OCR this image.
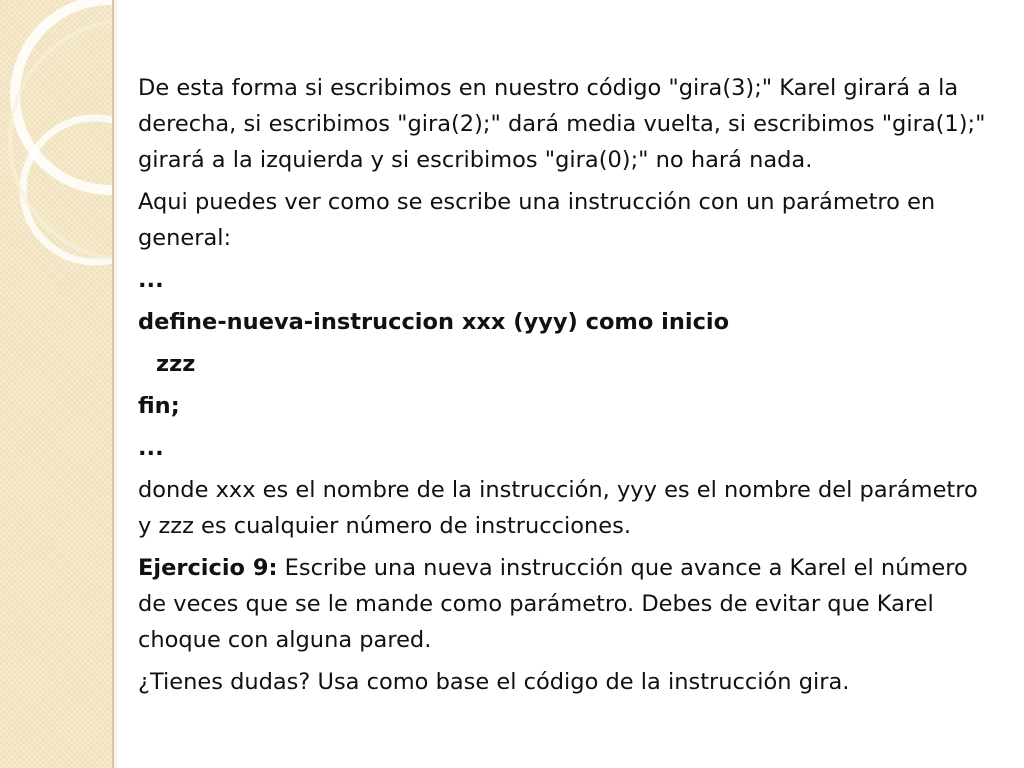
De esta forma si escribimos en nuestro código "gira(3);" Karel girará a la derecha, si escribimos "gira(2);" dará media vuelta, si escribimos "gira(1);" girará a la izquierda y si escribimos "gira(0);" no hará nada.

Aqui puedes ver como se escribe una instrucción con un parámetro en general:

...
define-nueva-instruccion xxx (yyy) como inicio
zzz
fin;
...

donde xxx es el nombre de la instrucción, yyy es el nombre del parámetro y zzz es cualquier número de instrucciones.

Ejercicio 9: Escribe una nueva instrucción que avance a Karel el número de veces que se le mande como parámetro. Debes de evitar que Karel choque con alguna pared.

¿Tienes dudas? Usa como base el código de la instrucción gira.
